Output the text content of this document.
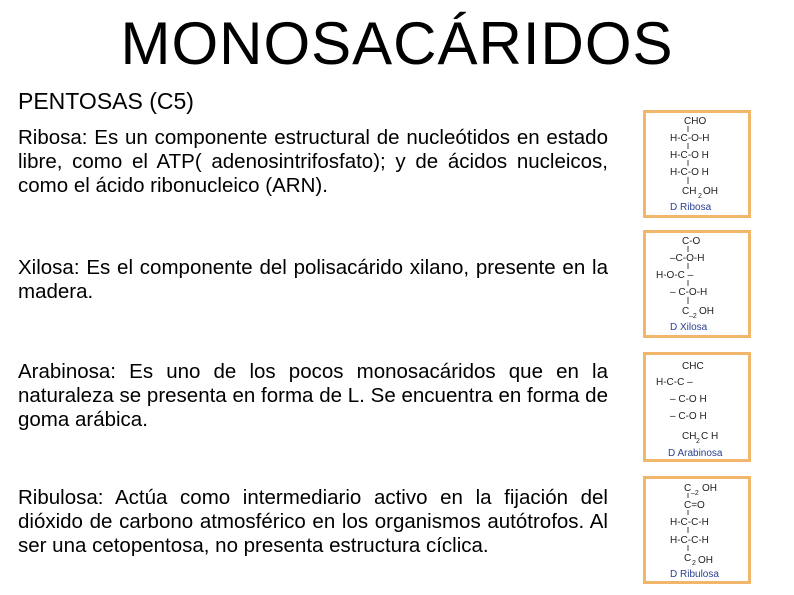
MONOSACÁRIDOS
PENTOSAS (C5)
Ribosa: Es un componente estructural de nucleótidos en estado libre, como el ATP( adenosintrifosfato); y de ácidos nucleicos, como el ácido ribonucleico (ARN).
CHO
H-C-O-H
H-C-O H
H-C-O H
CH 2 OH
D Ribosa
Xilosa: Es el componente del polisacárido xilano, presente en la madera.
C-O
–C-O-H
H-O-C –
– C-O-H
C –2 OH
D Xilosa
Arabinosa: Es uno de los pocos monosacáridos que en la naturaleza se presenta en forma de L. Se encuentra en forma de goma arábica.
CHC
H-C-C –
– C-O H
– C-O H
CH 2 C H
D Arabinosa
Ribulosa: Actúa como intermediario activo en la fijación del dióxido de carbono atmosférico en los organismos autótrofos. Al ser una cetopentosa, no presenta estructura cíclica.
C –2 OH
C=O
H-C-C-H
H-C-C-H
C 2 OH
D Ribulosa
